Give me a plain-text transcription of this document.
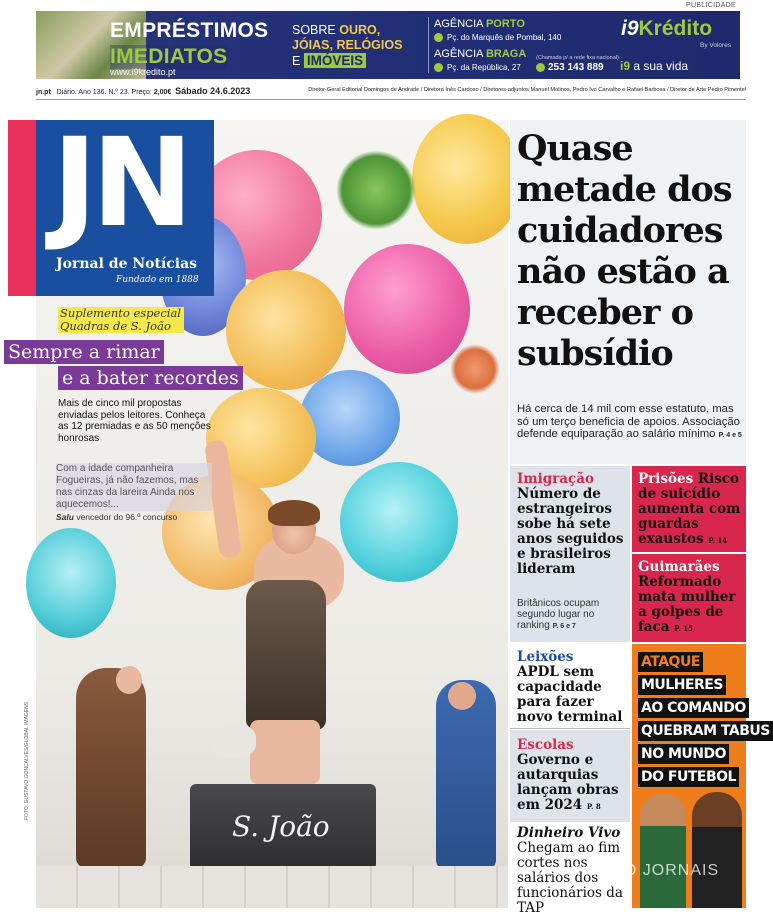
PUBLICIDADE
EMPRÉSTIMOS
IMEDIATOS
www.i9kredito.pt
SOBRE OURO,
JÓIAS, RELÓGIOS
E IMÓVEIS
AGÊNCIA PORTO
Pç. do Marquês de Pombal, 140
AGÊNCIA BRAGA
Pç. da República, 27
(Chamada p/ a rede fixa nacional)
253 143 889
i9Krédito
By Volores
i9 a sua vida
jn.pt Diário. Ano 136. N.º 23. Preço: 2,00€ Sábado 24.6.2023	Diretor-Geral Editorial Domingos de Andrade / Diretora Inês Cardoso / Diretores-adjuntos Manuel Molinos, Pedro Ivo Carvalho e Rafael Barbosa / Diretor de Arte Pedro Pimentel
S. João
JN
Jornal de Notícias
Fundado em 1888
Suplemento especial Quadras de S. João
Sempre a rimar
e a bater recordes
Mais de cinco mil propostas enviadas pelos leitores. Conheça as 12 premiadas e as 50 menções honrosas
Com a idade companheira Fogueiras, já não fazemos, mas nas cinzas da lareira Ainda nos aquecemos!...
Salu vencedor do 96.º concurso
FOTO: GUSTAVO GONÇALVES/GLOBAL IMAGENS
Quase metade dos cuidadores não estão a receber o subsídio
Há cerca de 14 mil com esse estatuto, mas só um terço beneficia de apoios. Associação defende equiparação ao salário mínimo P. 4 e 5
Imigração
Número de estrangeiros sobe há sete anos seguidos e brasileiros lideram
Britânicos ocupam segundo lugar no ranking P. 6 e 7
Prisões Risco de suicídio aumenta com guardas exaustos P. 14
Guimarães
Reformado mata mulher a golpes de faca P. 15
Leixões
APDL sem capacidade para fazer novo terminal
Escolas
Governo e autarquias lançam obras em 2024 P. 8
Dinheiro Vivo
Chegam ao fim cortes nos salários dos funcionários da TAP
ATAQUE
MULHERES
AO COMANDO
QUEBRAM TABUS
NO MUNDO
DO FUTEBOL
KIOSKO JORNAIS
